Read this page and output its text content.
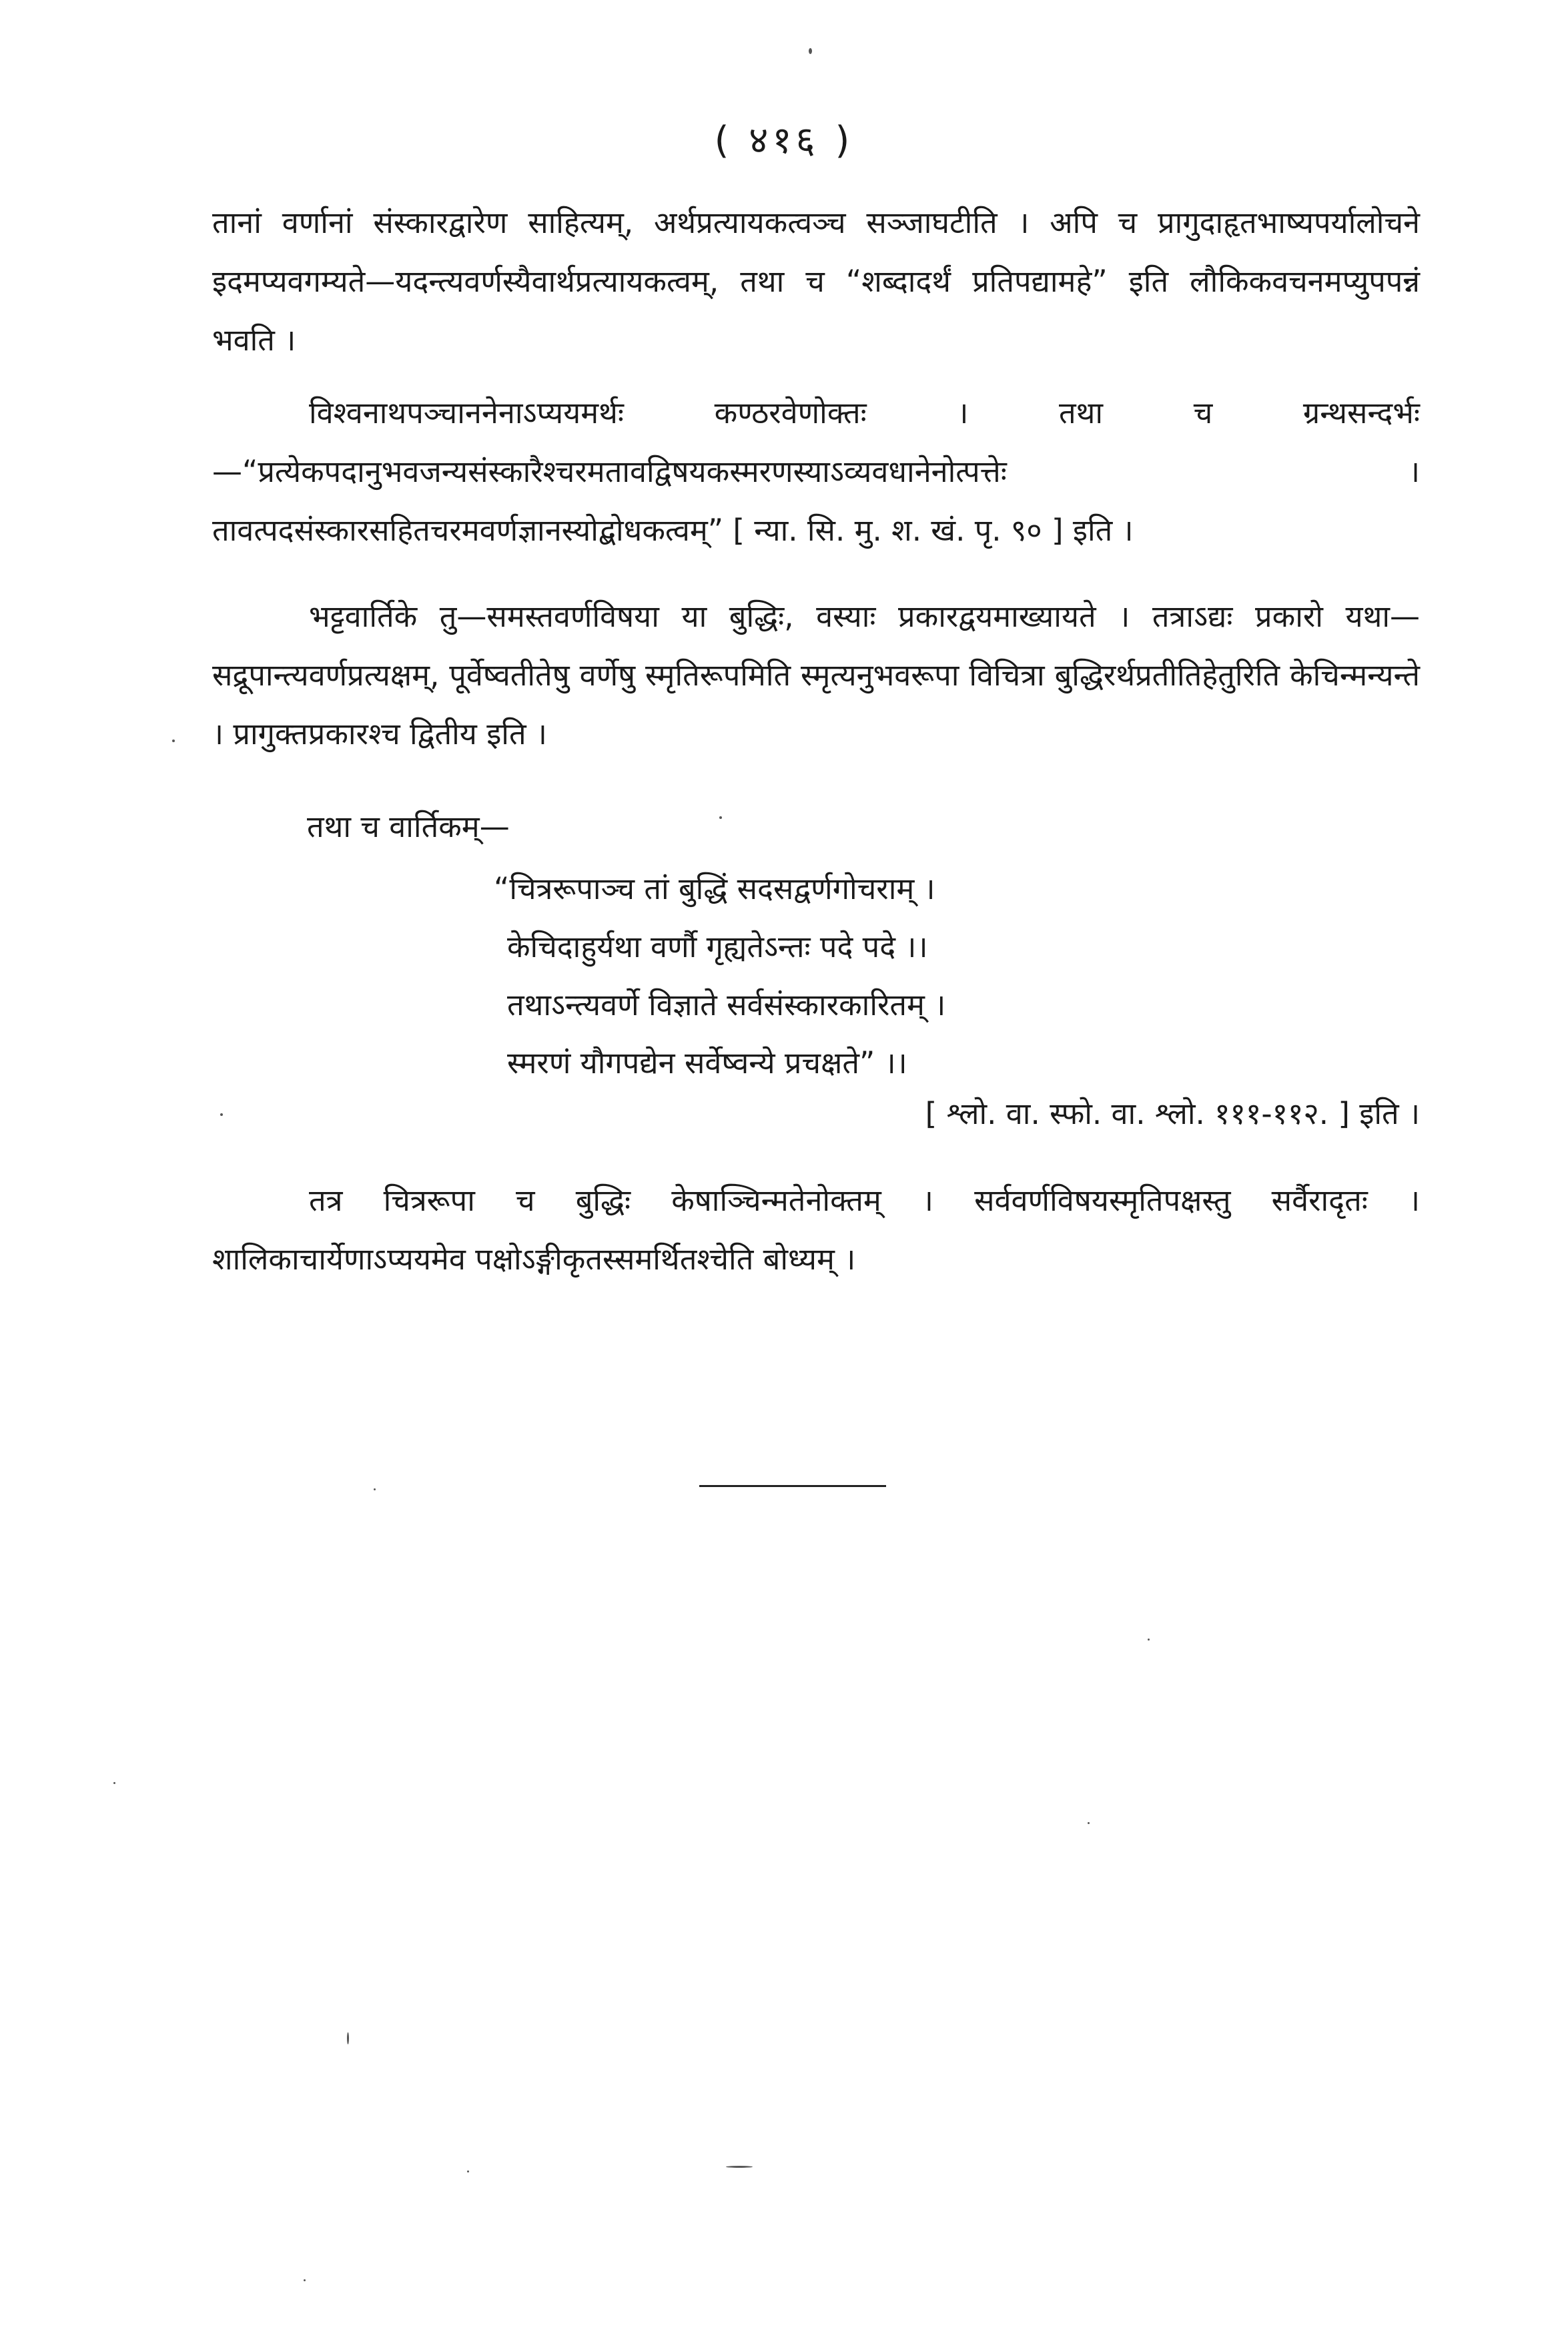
( ४१६ )
तानां वर्णानां संस्कारद्वारेण साहित्यम्, अर्थप्रत्यायकत्वञ्च सञ्जाघटीति । अपि च प्रागुदाहृतभाष्यपर्यालोचने इदमप्यवगम्यते—यदन्त्यवर्णस्यैवार्थप्रत्यायकत्वम्, तथा च “शब्दादर्थं प्रतिपद्यामहे” इति लौकिकवचनमप्युपपन्नं भवति ।
विश्वनाथपञ्चाननेनाऽप्ययमर्थः कण्ठरवेणोक्तः । तथा च ग्रन्थसन्दर्भः—“प्रत्येकपदानुभवजन्यसंस्कारैश्चरमतावद्विषयकस्मरणस्याऽव्यवधानेनोत्पत्तेः । तावत्पदसंस्कारसहितचरमवर्णज्ञानस्योद्बोधकत्वम्” [ न्या. सि. मु. श. खं. पृ. ९० ] इति ।
भट्टवार्तिके तु—समस्तवर्णविषया या बुद्धिः, वस्याः प्रकारद्वयमाख्यायते । तत्राऽद्यः प्रकारो यथा—सद्रूपान्त्यवर्णप्रत्यक्षम्, पूर्वेष्वतीतेषु वर्णेषु स्मृतिरूपमिति स्मृत्यनुभवरूपा विचित्रा बुद्धिरर्थप्रतीतिहेतुरिति केचिन्मन्यन्ते । प्रागुक्तप्रकारश्च द्वितीय इति ।
तथा च वार्तिकम्—
“चित्ररूपाञ्च तां बुद्धिं सदसद्वर्णगोचराम् ।
केचिदाहुर्यथा वर्णौ गृह्यतेऽन्तः पदे पदे ।।
तथाऽन्त्यवर्णे विज्ञाते सर्वसंस्कारकारितम् ।
स्मरणं यौगपद्येन सर्वेष्वन्ये प्रचक्षते” ।।
[ श्लो. वा. स्फो. वा. श्लो. १११-११२. ] इति ।
तत्र चित्ररूपा च बुद्धिः केषाञ्चिन्मतेनोक्तम् । सर्ववर्णविषयस्मृतिपक्षस्तु सर्वैरादृतः । शालिकाचार्येणाऽप्ययमेव पक्षोऽङ्गीकृतस्समर्थितश्चेति बोध्यम् ।
